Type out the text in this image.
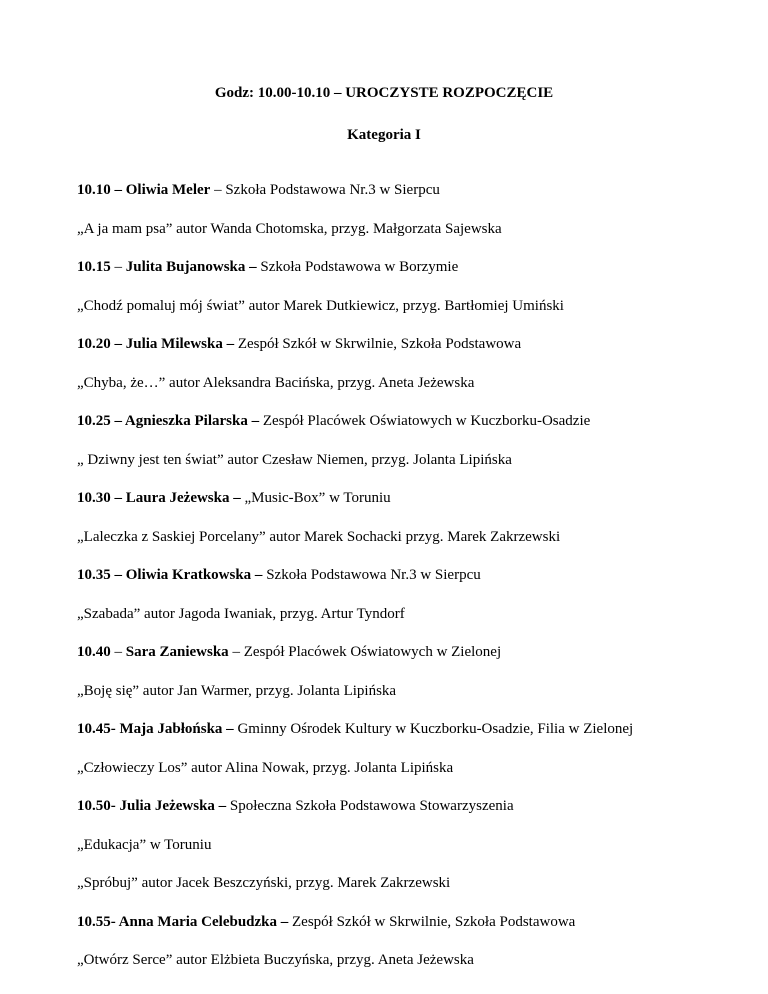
Godz: 10.00-10.10 – UROCZYSTE ROZPOCZĘCIE
Kategoria I
10.10 – Oliwia Meler – Szkoła Podstawowa Nr.3 w Sierpcu
„A ja mam psa” autor Wanda Chotomska, przyg. Małgorzata Sajewska
10.15 – Julita Bujanowska – Szkoła Podstawowa w Borzymie
„Chodź pomaluj mój świat” autor Marek Dutkiewicz, przyg. Bartłomiej Umiński
10.20 – Julia Milewska – Zespół Szkół w Skrwilnie, Szkoła Podstawowa
„Chyba, że…” autor Aleksandra Bacińska, przyg. Aneta Jeżewska
10.25 – Agnieszka Pilarska – Zespół Placówek Oświatowych w Kuczborku-Osadzie
„ Dziwny jest ten świat” autor Czesław Niemen, przyg. Jolanta Lipińska
10.30 – Laura Jeżewska – „Music-Box” w Toruniu
„Laleczka z Saskiej Porcelany” autor Marek Sochacki przyg. Marek Zakrzewski
10.35 – Oliwia Kratkowska – Szkoła Podstawowa Nr.3 w Sierpcu
„Szabada” autor Jagoda Iwaniak, przyg. Artur Tyndorf
10.40 – Sara Zaniewska – Zespół Placówek Oświatowych w Zielonej
„Boję się” autor Jan Warmer, przyg. Jolanta Lipińska
10.45- Maja Jabłońska – Gminny Ośrodek Kultury w Kuczborku-Osadzie, Filia w Zielonej
„Człowieczy Los” autor Alina Nowak, przyg. Jolanta Lipińska
10.50- Julia Jeżewska – Społeczna Szkoła Podstawowa Stowarzyszenia
„Edukacja” w Toruniu
„Spróbuj” autor Jacek Beszczyński, przyg. Marek Zakrzewski
10.55- Anna Maria Celebudzka – Zespół Szkół w Skrwilnie, Szkoła Podstawowa
„Otwórz Serce” autor Elżbieta Buczyńska, przyg. Aneta Jeżewska
